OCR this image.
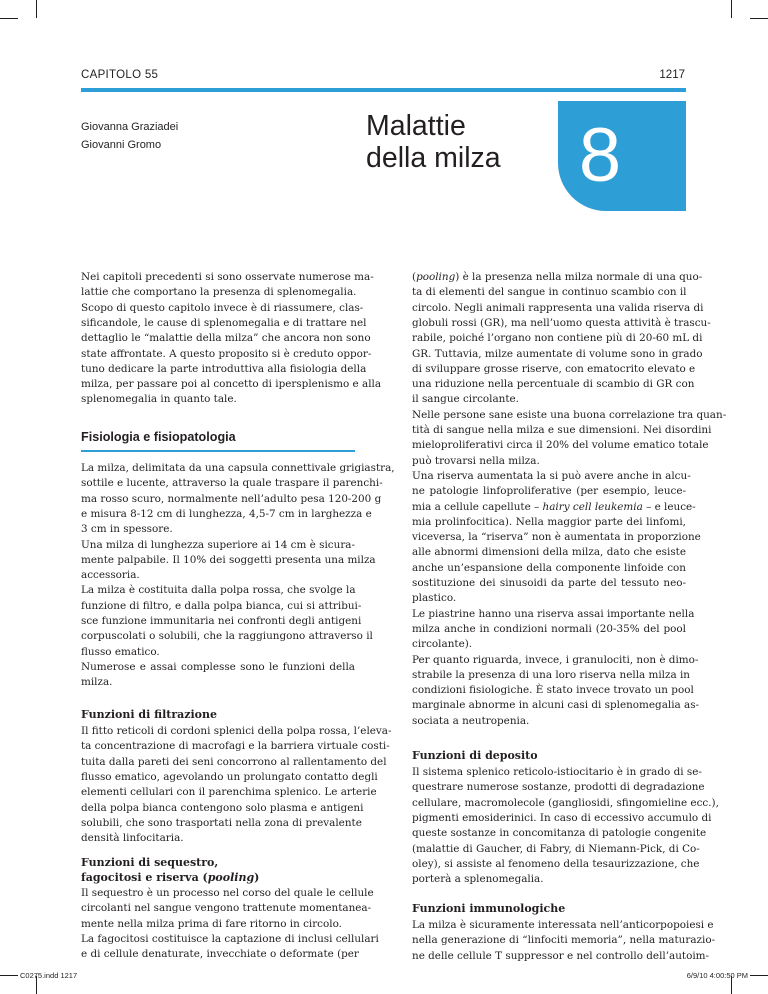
CAPITOLO 55	1217
Giovanna Graziadei
Giovanni Gromo
Malattie
della milza 8
Nei capitoli precedenti si sono osservate numerose ma-
lattie che comportano la presenza di splenomegalia.
Scopo di questo capitolo invece è di riassumere, clas-
sificandole, le cause di splenomegalia e di trattare nel
dettaglio le “malattie della milza” che ancora non sono
state affrontate. A questo proposito si è creduto oppor-
tuno dedicare la parte introduttiva alla fisiologia della
milza, per passare poi al concetto di ipersplenismo e alla
splenomegalia in quanto tale.
Fisiologia e fisiopatologia
La milza, delimitata da una capsula connettivale grigiastra,
sottile e lucente, attraverso la quale traspare il parenchi-
ma rosso scuro, normalmente nell’adulto pesa 120-200 g
e misura 8-12 cm di lunghezza, 4,5-7 cm in larghezza e
3 cm in spessore.
Una milza di lunghezza superiore ai 14 cm è sicura-
mente palpabile. Il 10% dei soggetti presenta una milza
accessoria.
La milza è costituita dalla polpa rossa, che svolge la
funzione di filtro, e dalla polpa bianca, cui si attribui-
sce funzione immunitaria nei confronti degli antigeni
corpuscolati o solubili, che la raggiungono attraverso il
flusso ematico.
Numerose e assai complesse sono le funzioni della
milza.
Funzioni di filtrazione
Il fitto reticoli di cordoni splenici della polpa rossa, l’eleva-
ta concentrazione di macrofagi e la barriera virtuale costi-
tuita dalla pareti dei seni concorrono al rallentamento del
flusso ematico, agevolando un prolungato contatto degli
elementi cellulari con il parenchima splenico. Le arterie
della polpa bianca contengono solo plasma e antigeni
solubili, che sono trasportati nella zona di prevalente
densità linfocitaria.
Funzioni di sequestro,
fagocitosi e riserva (pooling)
Il sequestro è un processo nel corso del quale le cellule
circolanti nel sangue vengono trattenute momentanea-
mente nella milza prima di fare ritorno in circolo.
La fagocitosi costituisce la captazione di inclusi cellulari
e di cellule denaturate, invecchiate o deformate (per
(pooling) è la presenza nella milza normale di una quo-
ta di elementi del sangue in continuo scambio con il
circolo. Negli animali rappresenta una valida riserva di
globuli rossi (GR), ma nell’uomo questa attività è trascu-
rabile, poiché l’organo non contiene più di 20-60 mL di
GR. Tuttavia, milze aumentate di volume sono in grado
di sviluppare grosse riserve, con ematocrito elevato e
una riduzione nella percentuale di scambio di GR con
il sangue circolante.
Nelle persone sane esiste una buona correlazione tra quan-
tità di sangue nella milza e sue dimensioni. Nei disordini
mieloproliferativi circa il 20% del volume ematico totale
può trovarsi nella milza.
Una riserva aumentata la si può avere anche in alcu-
ne patologie linfoproliferative (per esempio, leuce-
mia a cellule capellute – hairy cell leukemia – e leuce-
mia prolinfocitica). Nella maggior parte dei linfomi,
viceversa, la “riserva” non è aumentata in proporzione
alle abnormi dimensioni della milza, dato che esiste
anche un’espansione della componente linfoide con
sostituzione dei sinusoidi da parte del tessuto neo-
plastico.
Le piastrine hanno una riserva assai importante nella
milza anche in condizioni normali (20-35% del pool
circolante).
Per quanto riguarda, invece, i granulociti, non è dimo-
strabile la presenza di una loro riserva nella milza in
condizioni fisiologiche. È stato invece trovato un pool
marginale abnorme in alcuni casi di splenomegalia as-
sociata a neutropenia.
Funzioni di deposito
Il sistema splenico reticolo-istiocitario è in grado di se-
questrare numerose sostanze, prodotti di degradazione
cellulare, macromolecole (gangliosidi, sfingomieline ecc.),
pigmenti emosiderinici. In caso di eccessivo accumulo di
queste sostanze in concomitanza di patologie congenite
(malattie di Gaucher, di Fabry, di Niemann-Pick, di Co-
oley), si assiste al fenomeno della tesaurizzazione, che
porterà a splenomegalia.
Funzioni immunologiche
La milza è sicuramente interessata nell’anticorpopoiesi e
nella generazione di “linfociti memoria”, nella maturazio-
ne delle cellule T suppressor e nel controllo dell’autoim-
C0275.indd 1217	6/9/10 4:00:50 PM
